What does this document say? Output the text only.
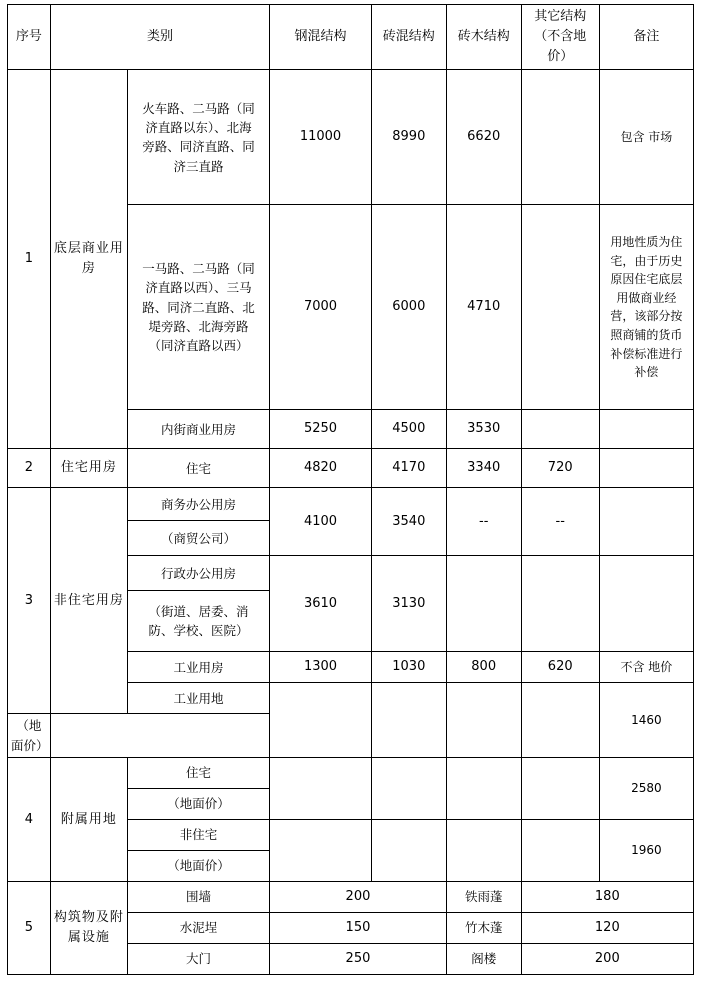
序号	类别		钢混结构	砖混结构	砖木结构	其它结构（不含地价）	备注
1	底层商业用房	火车路、二马路（同济直路以东）、北海旁路、同济直路、同济三直路	11000	8990	6620		包含 市场

		一马路、二马路（同济直路以西）、三马路、同济二直路、北堤旁路、北海旁路（同济直路以西）	7000	6000	4710		用地性质为住宅，由于历史原因住宅底层用做商业经营，该部分按照商铺的货币补偿标准进行补偿

		内街商业用房	5250	4500	3530		
2	住宅用房	住宅	4820	4170	3340	720	
3	非住宅用房	商务办公用房	4100	3540	--	--	
		（商贸公司）					
		行政办公用房	3610	3130			

		（街道、居委、消防、学校、医院）					

		工业用房	1300	1030	800	620	不含 地价
		工业用地					1460
（地面价）							
4	附属用地	住宅					2580
		（地面价）					
		非住宅					1960
		（地面价）					
5	构筑物及附属设施	围墙	200		铁雨蓬	180	
		水泥埕	150		竹木蓬	120	
		大门	250		阁楼	200	
